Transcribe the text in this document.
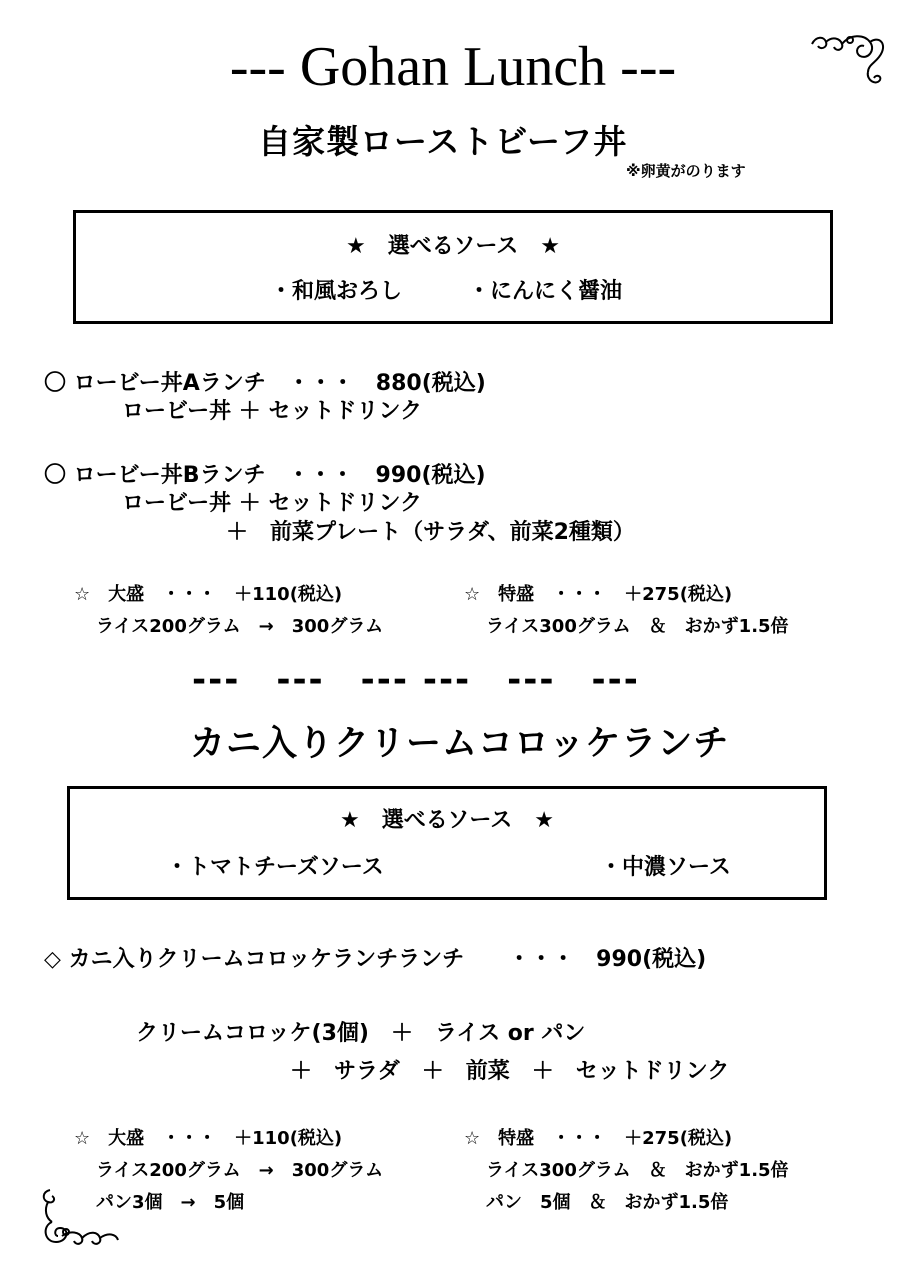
--- Gohan Lunch ---
自家製ローストビーフ丼
※卵黄がのります
★　選べるソース　★
・和風おろし	・にんにく醤油
〇 ロービー丼Aランチ　・・・　880(税込)
ロービー丼 ＋ セットドリンク
〇 ロービー丼Bランチ　・・・　990(税込)
ロービー丼 ＋ セットドリンク
＋　前菜プレート（サラダ、前菜2種類）
☆　大盛　・・・　＋110(税込)
ライス200グラム　→　300グラム
☆　特盛　・・・　＋275(税込)
ライス300グラム　＆　おかず1.5倍
---　---　--- ---　---　---
カニ入りクリームコロッケランチ
★　選べるソース　★
・トマトチーズソース	・中濃ソース
◇ カニ入りクリームコロッケランチランチ　　・・・　990(税込)
クリームコロッケ(3個)　＋　ライス or パン
＋　サラダ　＋　前菜　＋　セットドリンク
☆　大盛　・・・　＋110(税込)
ライス200グラム　→　300グラム
パン3個　→　5個
☆　特盛　・・・　＋275(税込)
ライス300グラム　＆　おかず1.5倍
パン　5個　＆　おかず1.5倍
